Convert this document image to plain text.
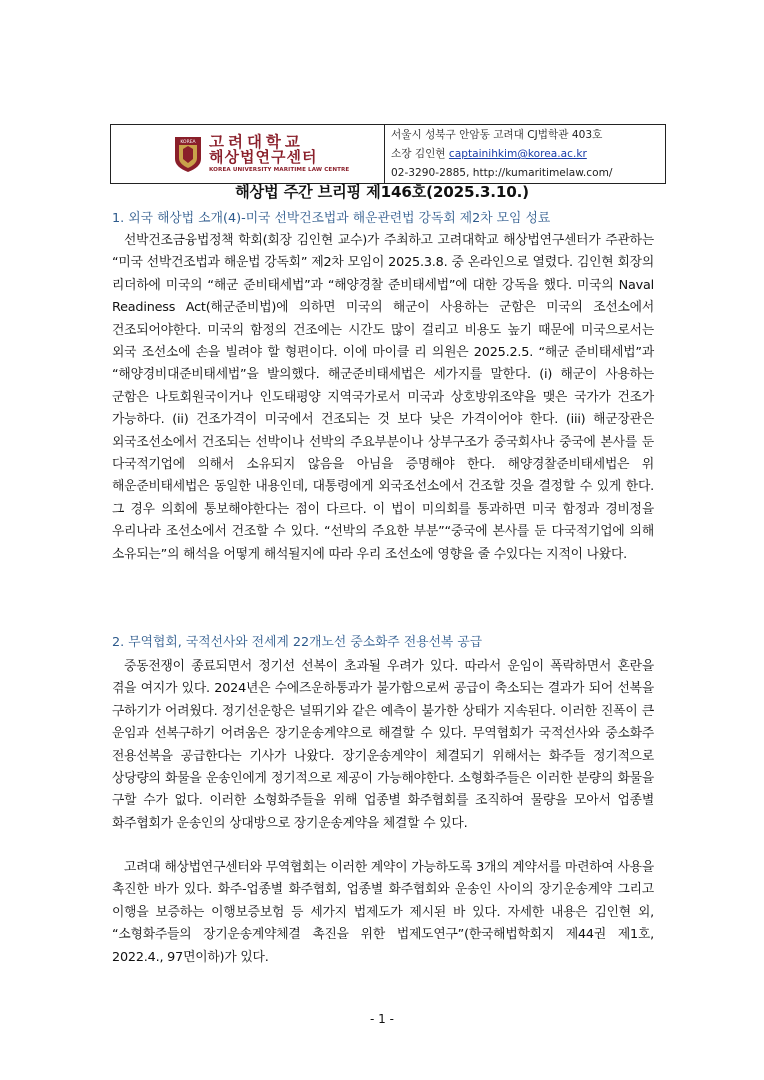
KOREA 고려대학교
해상법연구센터
KOREA UNIVERSITY MARITIME LAW CENTRE
서울시 성북구 안암동 고려대 CJ법학관 403호
소장 김인현 captainihkim@korea.ac.kr
02-3290-2885, http://kumaritimelaw.com/
해상법 주간 브리핑 제146호(2025.3.10.)
1. 외국 해상법 소개(4)-미국 선박건조법과 해운관련법 강독회 제2차 모임 성료
선박건조금융법정책 학회(회장 김인현 교수)가 주최하고 고려대학교 해상법연구센터가 주관하는 “미국 선박건조법과 해운법 강독회” 제2차 모임이 2025.3.8. 중 온라인으로 열렸다. 김인현 회장의 리더하에 미국의 “해군 준비태세법”과 “해양경찰 준비태세법”에 대한 강독을 했다. 미국의 Naval Readiness Act(해군준비법)에 의하면 미국의 해군이 사용하는 군함은 미국의 조선소에서 건조되어야한다. 미국의 함정의 건조에는 시간도 많이 걸리고 비용도 높기 때문에 미국으로서는 외국 조선소에 손을 빌려야 할 형편이다. 이에 마이클 리 의원은 2025.2.5. “해군 준비태세법”과 “해양경비대준비태세법”을 발의했다. 해군준비태세법은 세가지를 말한다. (i) 해군이 사용하는 군함은 나토회원국이거나 인도태평양 지역국가로서 미국과 상호방위조약을 맺은 국가가 건조가 가능하다. (ii) 건조가격이 미국에서 건조되는 것 보다 낮은 가격이어야 한다. (iii) 해군장관은 외국조선소에서 건조되는 선박이나 선박의 주요부분이나 상부구조가 중국회사나 중국에 본사를 둔 다국적기업에 의해서 소유되지 않음을 아님을 증명해야 한다. 해양경찰준비태세법은 위 해운준비태세법은 동일한 내용인데, 대통령에게 외국조선소에서 건조할 것을 결정할 수 있게 한다. 그 경우 의회에 통보해야한다는 점이 다르다. 이 법이 미의회를 통과하면 미국 함정과 경비정을 우리나라 조선소에서 건조할 수 있다. “선박의 주요한 부분”“중국에 본사를 둔 다국적기업에 의해 소유되는”의 해석을 어떻게 해석될지에 따라 우리 조선소에 영향을 줄 수있다는 지적이 나왔다.
2. 무역협회, 국적선사와 전세계 22개노선 중소화주 전용선복 공급
중동전쟁이 종료되면서 정기선 선복이 초과될 우려가 있다. 따라서 운임이 폭락하면서 혼란을 겪을 여지가 있다. 2024년은 수에즈운하통과가 불가함으로써 공급이 축소되는 결과가 되어 선복을 구하기가 어려웠다. 정기선운항은 널뛰기와 같은 예측이 불가한 상태가 지속된다. 이러한 진폭이 큰 운임과 선복구하기 어려움은 장기운송계약으로 해결할 수 있다. 무역협회가 국적선사와 중소화주 전용선복을 공급한다는 기사가 나왔다. 장기운송계약이 체결되기 위해서는 화주들 정기적으로 상당량의 화물을 운송인에게 정기적으로 제공이 가능해야한다. 소형화주들은 이러한 분량의 화물을 구할 수가 없다. 이러한 소형화주들을 위해 업종별 화주협회를 조직하여 물량을 모아서 업종별 화주협회가 운송인의 상대방으로 장기운송계약을 체결할 수 있다.
고려대 해상법연구센터와 무역협회는 이러한 계약이 가능하도록 3개의 계약서를 마련하여 사용을 촉진한 바가 있다. 화주-업종별 화주협회, 업종별 화주협회와 운송인 사이의 장기운송계약 그리고 이행을 보증하는 이행보증보험 등 세가지 법제도가 제시된 바 있다. 자세한 내용은 김인현 외, “소형화주들의 장기운송계약체결 촉진을 위한 법제도연구”(한국해법학회지 제44권 제1호, 2022.4., 97면이하)가 있다.
- 1 -
